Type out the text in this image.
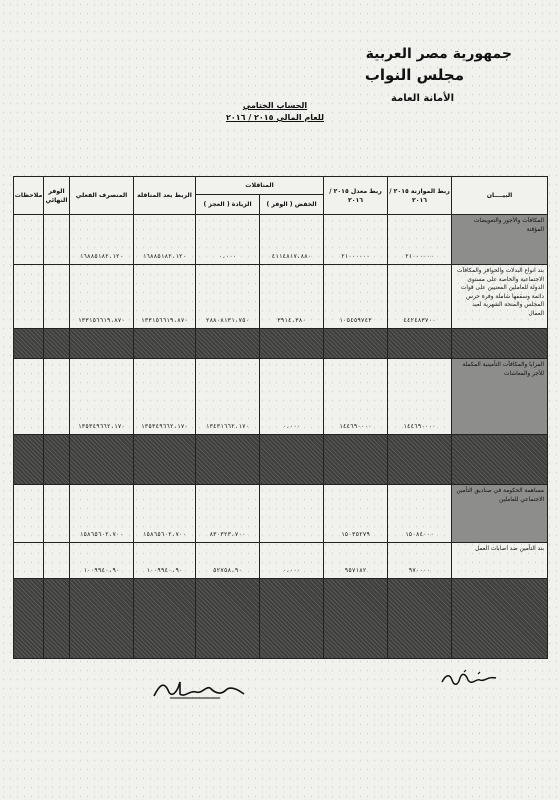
جمهورية مصر العربية
مجلس النواب
الأمانة العامة
الحساب الختامي
للعام المالي ٢٠١٥ / ٢٠١٦
البيــــان	ربط الموازنة ٢٠١٥ / ٢٠١٦	ربط معدل ٢٠١٥ / ٢٠١٦	المناقلات		الربط بعد المناقلة	المنصرف الفعلي	الوفر النهائي	ملاحظات
			الخفض ( الوفر )	الزيادة ( العجز )				
المكافآت والأجور والتعويضات المؤقتة	٢١٠٠٠٠٠٠	٢١٠٠٠٠٠٠	٤١١٤٨١٧،٨٨٠	٠،٠٠٠	١٦٨٨٥١٨٢،١٢٠	١٦٨٨٥١٨٢،١٢٠		
بند انواع البدلات والحوافز والمكافآت الاجتماعية والخاصة على مستوى الدولة للعاملين المعنيين على قوات دائمة وسقفها شاملة وفرة حرس المجلس والمنحة الشهرية لعيد العمال	٤٤٢٤٨٣٧٠٠	١٠٥٤٥٩٧٤٣	٣٩١٤،٣٨٠	٢٨٨٠٨١٣١،٧٥٠	١٣٣١٥٦٦١٩،٨٧٠	١٣٣١٥٦٦١٩،٨٧٠		

المزايا والمكافآت التأمينية المكملة للأجر والمعاشات	١٤٤٦٩٠٠٠٠	١٤٤٦٩٠٠٠٠	٠،٠٠٠	١٣٤٣١٦٦٢،١٧٠	١٣٥٣٤٩٦٦٢،١٧٠	١٣٥٣٤٩٦٦٢،١٧٠		

مساهمة الحكومة في صناديق التأمين الاجتماعي للعاملين	١٥٠٨٤٠٠٠	١٥٠٣٥٢٧٩		٨٣٠٣٢٣،٧٠٠	١٥٨٦٥٦٠٢،٧٠٠	١٥٨٦٥٦٠٢،٧٠٠		
بند التأمين ضد اصابات العمل	٩٧٠٠٠٠	٩٥٧١٨٢	٠،٠٠٠	٥٢٧٥٨،٩٠	١٠٠٩٩٤٠،٩٠	١٠٠٩٩٤٠،٩٠		
